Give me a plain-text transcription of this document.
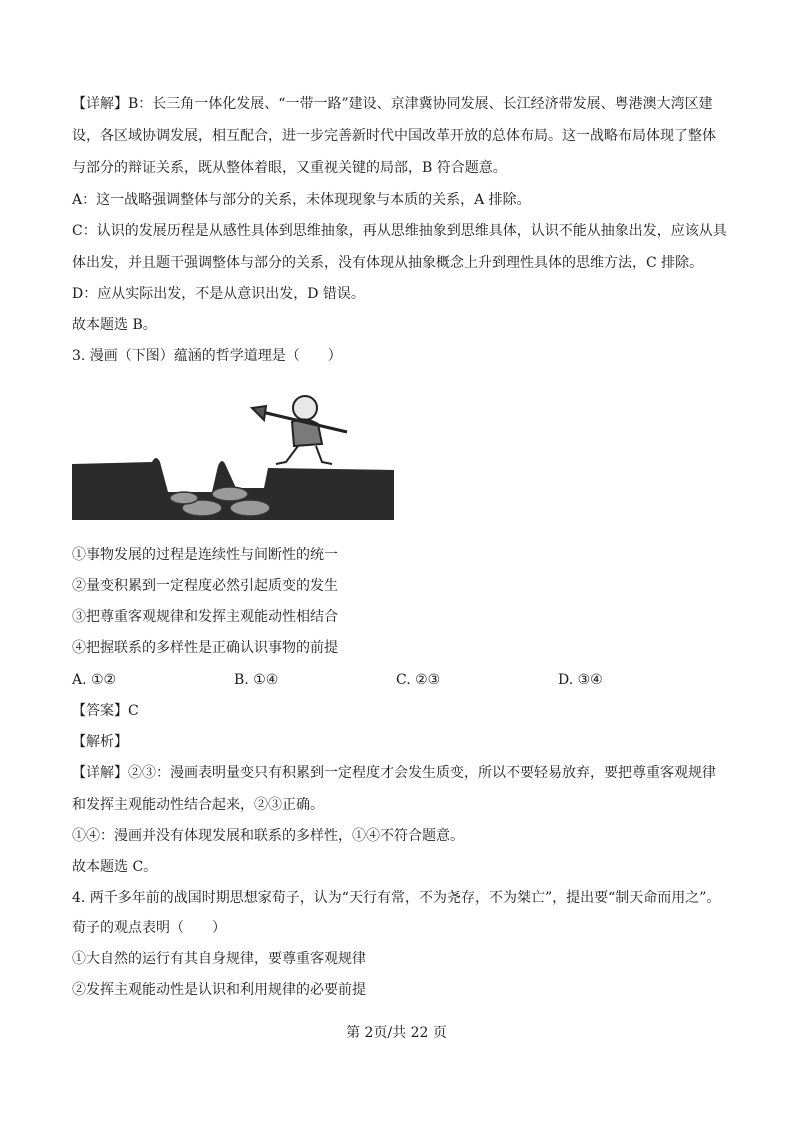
【详解】B：长三角一体化发展、“一带一路”建设、京津冀协同发展、长江经济带发展、粤港澳大湾区建
设，各区域协调发展，相互配合，进一步完善新时代中国改革开放的总体布局。这一战略布局体现了整体
与部分的辩证关系，既从整体着眼，又重视关键的局部，B 符合题意。
A：这一战略强调整体与部分的关系，未体现现象与本质的关系，A 排除。
C：认识的发展历程是从感性具体到思维抽象，再从思维抽象到思维具体，认识不能从抽象出发，应该从具
体出发，并且题干强调整体与部分的关系，没有体现从抽象概念上升到理性具体的思维方法，C 排除。
D：应从实际出发，不是从意识出发，D 错误。
故本题选 B。
3. 漫画（下图）蕴涵的哲学道理是（　　）
①事物发展的过程是连续性与间断性的统一
②量变积累到一定程度必然引起质变的发生
③把尊重客观规律和发挥主观能动性相结合
④把握联系的多样性是正确认识事物的前提
A. ①②	B. ①④	C. ②③	D. ③④
【答案】C
【解析】
【详解】②③：漫画表明量变只有积累到一定程度才会发生质变，所以不要轻易放弃，要把尊重客观规律
和发挥主观能动性结合起来，②③正确。
①④：漫画并没有体现发展和联系的多样性，①④不符合题意。
故本题选 C。
4. 两千多年前的战国时期思想家荀子，认为“天行有常，不为尧存，不为桀亡”，提出要“制天命而用之”。
荀子的观点表明（　　）
①大自然的运行有其自身规律，要尊重客观规律
②发挥主观能动性是认识和利用规律的必要前提
第 2页/共 22 页
